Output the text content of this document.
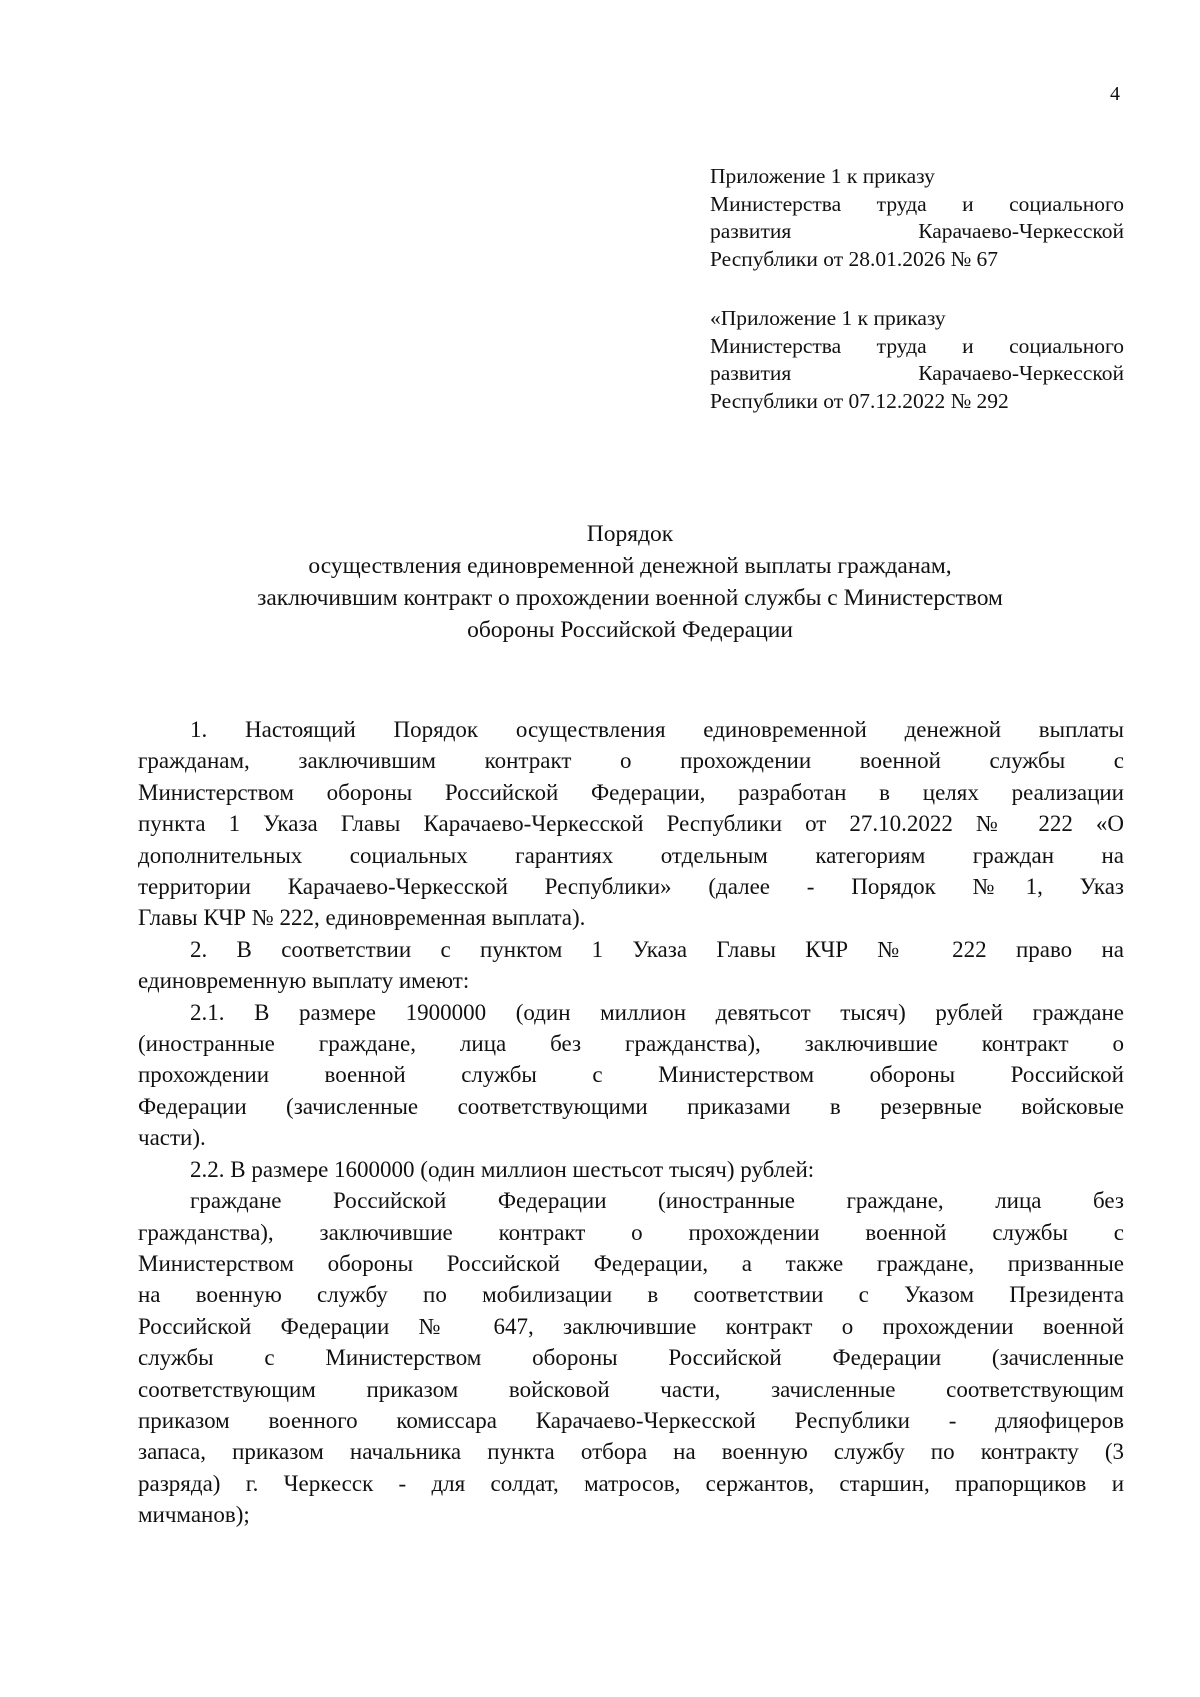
4
Приложение 1 к приказу
Министерства труда и социального
развития Карачаево-Черкесской
Республики от 28.01.2026 № 67
«Приложение 1 к приказу
Министерства труда и социального
развития Карачаево-Черкесской
Республики от 07.12.2022 № 292
Порядок
осуществления единовременной денежной выплаты гражданам,
заключившим контракт о прохождении военной службы с Министерством
обороны Российской Федерации
1. Настоящий Порядок осуществления единовременной денежной выплаты
гражданам, заключившим контракт о прохождении военной службы с
Министерством обороны Российской Федерации, разработан в целях реализации
пункта 1 Указа Главы Карачаево-Черкесской Республики от 27.10.2022 № 222 «О
дополнительных социальных гарантиях отдельным категориям граждан на
территории Карачаево-Черкесской Республики» (далее - Порядок №1, Указ
Главы КЧР № 222, единовременная выплата).
2. В соответствии с пунктом 1 Указа Главы КЧР № 222 право на
единовременную выплату имеют:
2.1. В размере 1900000 (один миллион девятьсот тысяч) рублей граждане
(иностранные граждане, лица без гражданства), заключившие контракт о
прохождении военной службы с Министерством обороны Российской
Федерации (зачисленные соответствующими приказами в резервные войсковые
части).
2.2. В размере 1600000 (один миллион шестьсот тысяч) рублей:
граждане Российской Федерации (иностранные граждане, лица без
гражданства), заключившие контракт о прохождении военной службы с
Министерством обороны Российской Федерации, а также граждане, призванные
на военную службу по мобилизации в соответствии с Указом Президента
Российской Федерации № 647, заключившие контракт о прохождении военной
службы с Министерством обороны Российской Федерации (зачисленные
соответствующим приказом войсковой части, зачисленные соответствующим
приказом военного комиссара Карачаево-Черкесской Республики - дляофицеров
запаса, приказом начальника пункта отбора на военную службу по контракту (3
разряда) г. Черкесск - для солдат, матросов, сержантов, старшин, прапорщиков и
мичманов);
